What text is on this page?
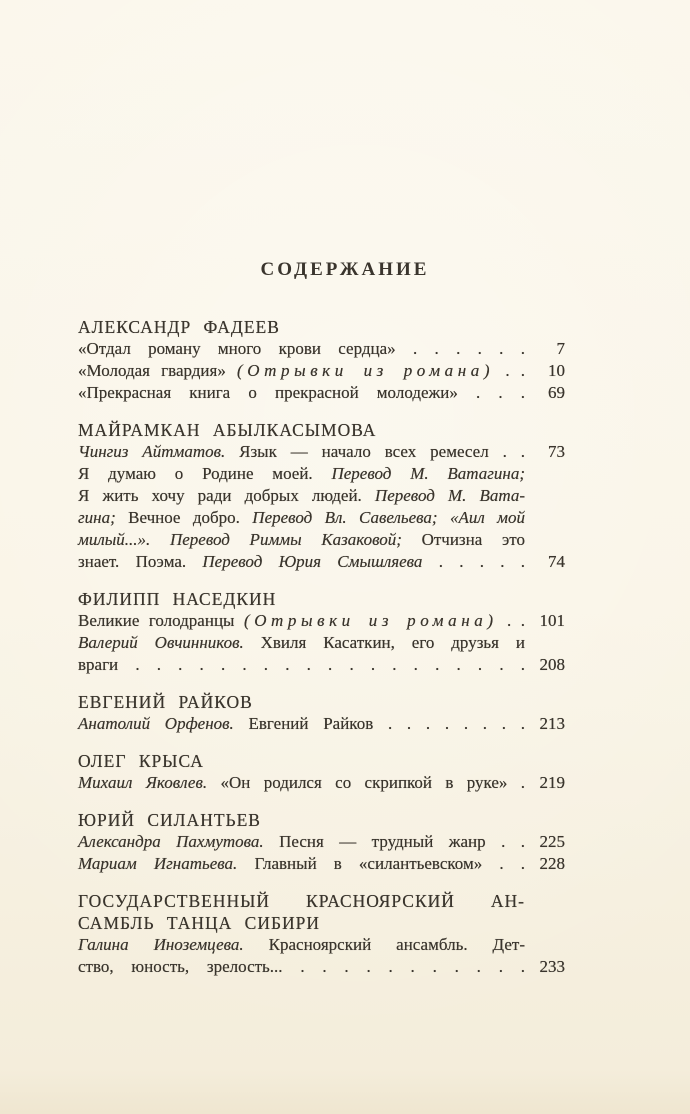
СОДЕРЖАНИЕ
АЛЕКСАНДР ФАДЕЕВ
«Отдал роману много крови сердца» . . . . . .	7
«Молодая гвардия» (Отрывки из романа) . .	10
«Прекрасная книга о прекрасной молодежи» . . .	69
МАЙРАМКАН АБЫЛКАСЫМОВА
Чингиз Айтматов. Язык — начало всех ремесел . .	73
Я думаю о Родине моей. Перевод М. Ватагина;
Я жить хочу ради добрых людей. Перевод М. Вата-
гина; Вечное добро. Перевод Вл. Савельева; «Аил мой
милый...». Перевод Риммы Казаковой; Отчизна это
знает. Поэма. Перевод Юрия Смышляева . . . . .	74
ФИЛИПП НАСЕДКИН
Великие голодранцы (Отрывки из романа) . . 101
Валерий Овчинников. Хвиля Касаткин, его друзья и
враги . . . . . . . . . . . . . . . . . . . 208
ЕВГЕНИЙ РАЙКОВ
Анатолий Орфенов. Евгений Райков . . . . . . . . 213
ОЛЕГ КРЫСА
Михаил Яковлев. «Он родился со скрипкой в руке» . 219
ЮРИЙ СИЛАНТЬЕВ
Александра Пахмутова. Песня — трудный жанр . . 225
Мариам Игнатьева. Главный в «силантьевском» . . 228
ГОСУДАРСТВЕННЫЙ КРАСНОЯРСКИЙ АН-
САМБЛЬ ТАНЦА СИБИРИ
Галина Иноземцева. Красноярский ансамбль. Дет-
ство, юность, зрелость... . . . . . . . . . . . 233
